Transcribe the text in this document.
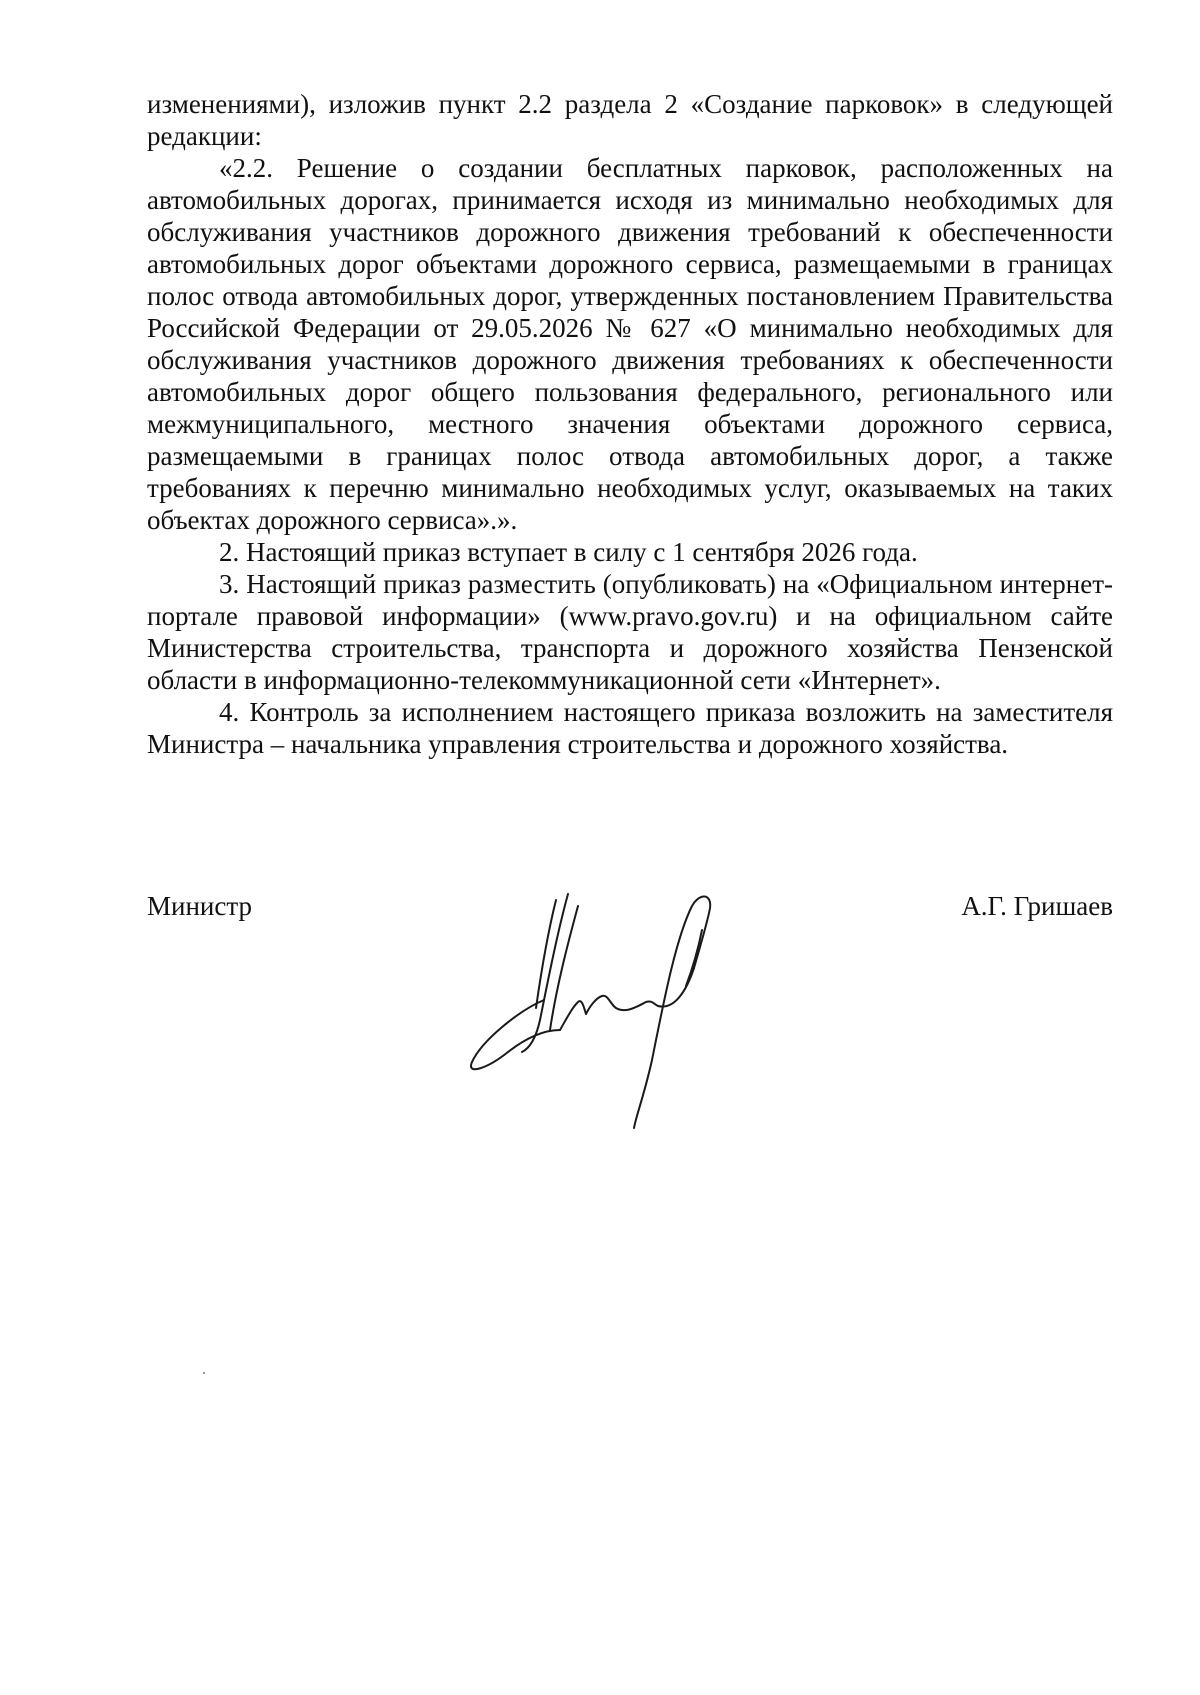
изменениями), изложив пункт 2.2 раздела 2 «Создание парковок» в следующей редакции:

«2.2. Решение о создании бесплатных парковок, расположенных на автомобильных дорогах, принимается исходя из минимально необходимых для обслуживания участников дорожного движения требований к обеспеченности автомобильных дорог объектами дорожного сервиса, размещаемыми в границах полос отвода автомобильных дорог, утвержденных постановлением Правительства Российской Федерации от 29.05.2026 № 627 «О минимально необходимых для обслуживания участников дорожного движения требованиях к обеспеченности автомобильных дорог общего пользования федерального, регионального или межмуниципального, местного значения объектами дорожного сервиса, размещаемыми в границах полос отвода автомобильных дорог, а также требованиях к перечню минимально необходимых услуг, оказываемых на таких объектах дорожного сервиса».».

2. Настоящий приказ вступает в силу с 1 сентября 2026 года.

3. Настоящий приказ разместить (опубликовать) на «Официальном интернет-портале правовой информации» (www.pravo.gov.ru) и на официальном сайте Министерства строительства, транспорта и дорожного хозяйства Пензенской области в информационно-телекоммуникационной сети «Интернет».

4. Контроль за исполнением настоящего приказа возложить на заместителя Министра – начальника управления строительства и дорожного хозяйства.

Министр	А.Г. Гришаев
